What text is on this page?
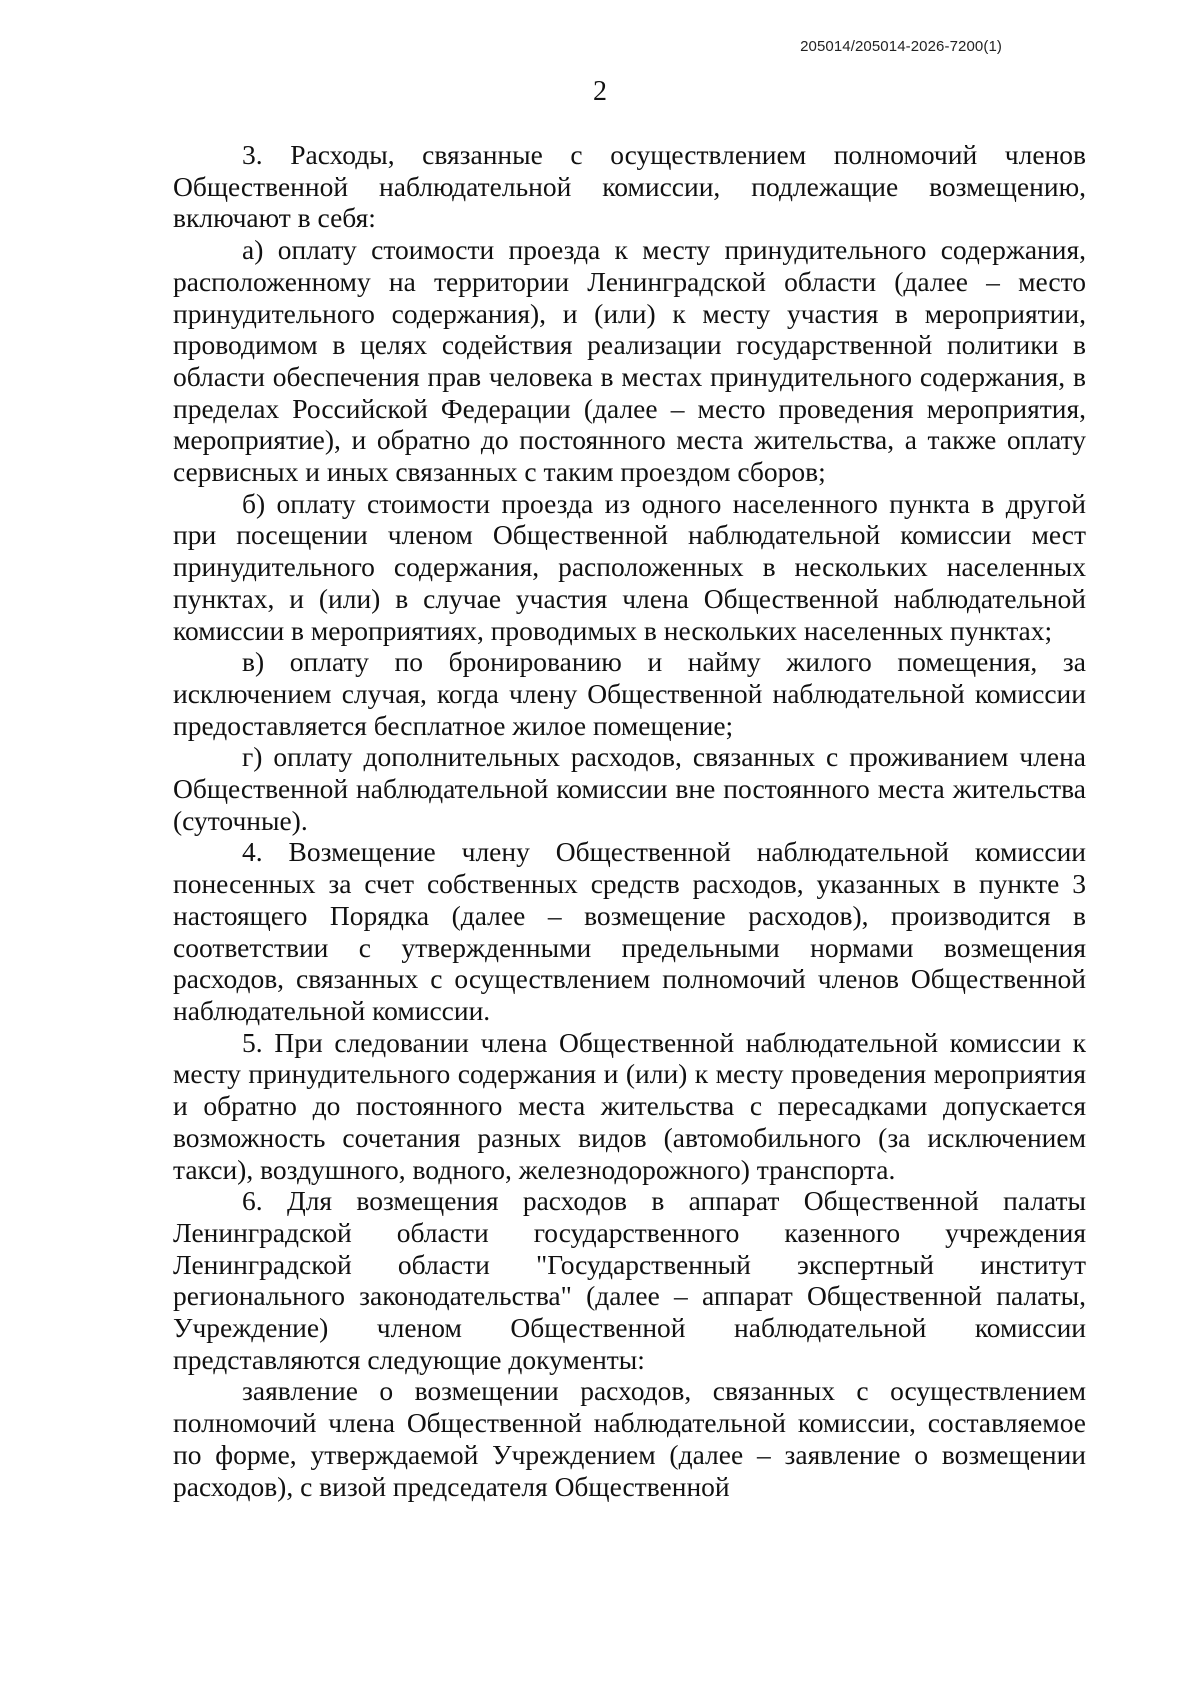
205014/205014-2026-7200(1)
2

3. Расходы, связанные с осуществлением полномочий членов Общественной наблюдательной комиссии, подлежащие возмещению, включают в себя:

а) оплату стоимости проезда к месту принудительного содержания, расположенному на территории Ленинградской области (далее – место принудительного содержания), и (или) к месту участия в мероприятии, проводимом в целях содействия реализации государственной политики в области обеспечения прав человека в местах принудительного содержания, в пределах Российской Федерации (далее – место проведения мероприятия, мероприятие), и обратно до постоянного места жительства, а также оплату сервисных и иных связанных с таким проездом сборов;

б) оплату стоимости проезда из одного населенного пункта в другой при посещении членом Общественной наблюдательной комиссии мест принудительного содержания, расположенных в нескольких населенных пунктах, и (или) в случае участия члена Общественной наблюдательной комиссии в мероприятиях, проводимых в нескольких населенных пунктах;

в) оплату по бронированию и найму жилого помещения, за исключением случая, когда члену Общественной наблюдательной комиссии предоставляется бесплатное жилое помещение;

г) оплату дополнительных расходов, связанных с проживанием члена Общественной наблюдательной комиссии вне постоянного места жительства (суточные).

4. Возмещение члену Общественной наблюдательной комиссии понесенных за счет собственных средств расходов, указанных в пункте 3 настоящего Порядка (далее – возмещение расходов), производится в соответствии с утвержденными предельными нормами возмещения расходов, связанных с осуществлением полномочий членов Общественной наблюдательной комиссии.

5. При следовании члена Общественной наблюдательной комиссии к месту принудительного содержания и (или) к месту проведения мероприятия и обратно до постоянного места жительства с пересадками допускается возможность сочетания разных видов (автомобильного (за исключением такси), воздушного, водного, железнодорожного) транспорта.

6. Для возмещения расходов в аппарат Общественной палаты Ленинградской области государственного казенного учреждения Ленинградской области "Государственный экспертный институт регионального законодательства" (далее – аппарат Общественной палаты, Учреждение) членом Общественной наблюдательной комиссии представляются следующие документы:

заявление о возмещении расходов, связанных с осуществлением полномочий члена Общественной наблюдательной комиссии, составляемое по форме, утверждаемой Учреждением (далее – заявление о возмещении расходов), с визой председателя Общественной
